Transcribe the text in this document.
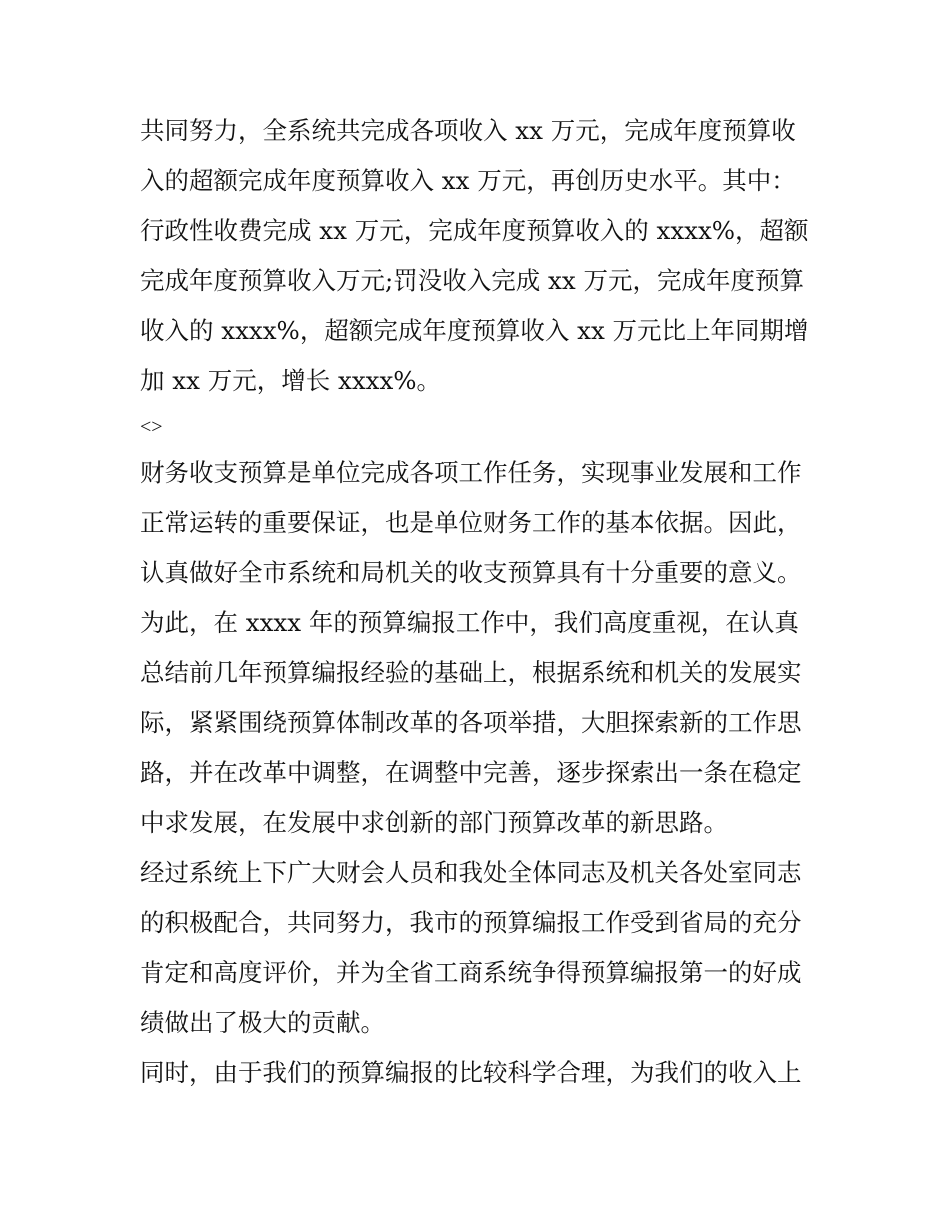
共同努力，全系统共完成各项收入 xx 万元，完成年度预算收
入的超额完成年度预算收入 xx 万元，再创历史水平。其中：
行政性收费完成 xx 万元，完成年度预算收入的 xxxx%，超额
完成年度预算收入万元;罚没收入完成 xx 万元，完成年度预算
收入的 xxxx%，超额完成年度预算收入 xx 万元比上年同期增
加 xx 万元，增长 xxxx%。
<>
财务收支预算是单位完成各项工作任务，实现事业发展和工作
正常运转的重要保证，也是单位财务工作的基本依据。因此，
认真做好全市系统和局机关的收支预算具有十分重要的意义。
为此，在 xxxx 年的预算编报工作中，我们高度重视，在认真
总结前几年预算编报经验的基础上，根据系统和机关的发展实
际，紧紧围绕预算体制改革的各项举措，大胆探索新的工作思
路，并在改革中调整，在调整中完善，逐步探索出一条在稳定
中求发展，在发展中求创新的部门预算改革的新思路。
经过系统上下广大财会人员和我处全体同志及机关各处室同志
的积极配合，共同努力，我市的预算编报工作受到省局的充分
肯定和高度评价，并为全省工商系统争得预算编报第一的好成
绩做出了极大的贡献。
同时，由于我们的预算编报的比较科学合理，为我们的收入上
